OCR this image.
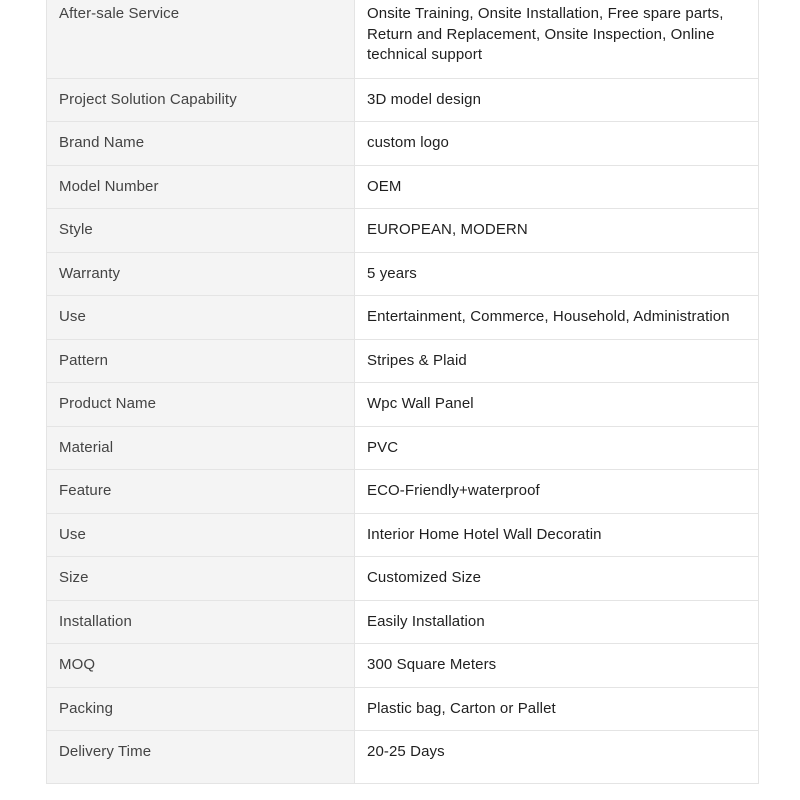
After-sale Service	Onsite Training, Onsite Installation, Free spare parts, Return and Replacement, Onsite Inspection, Online technical support
Project Solution Capability	3D model design
Brand Name	custom logo
Model Number	OEM
Style	EUROPEAN, MODERN
Warranty	5 years
Use	Entertainment, Commerce, Household, Administration
Pattern	Stripes & Plaid
Product Name	Wpc Wall Panel
Material	PVC
Feature	ECO-Friendly+waterproof
Use	Interior Home Hotel Wall Decoratin
Size	Customized Size
Installation	Easily Installation
MOQ	300 Square Meters
Packing	Plastic bag, Carton or Pallet
Delivery Time	20-25 Days
